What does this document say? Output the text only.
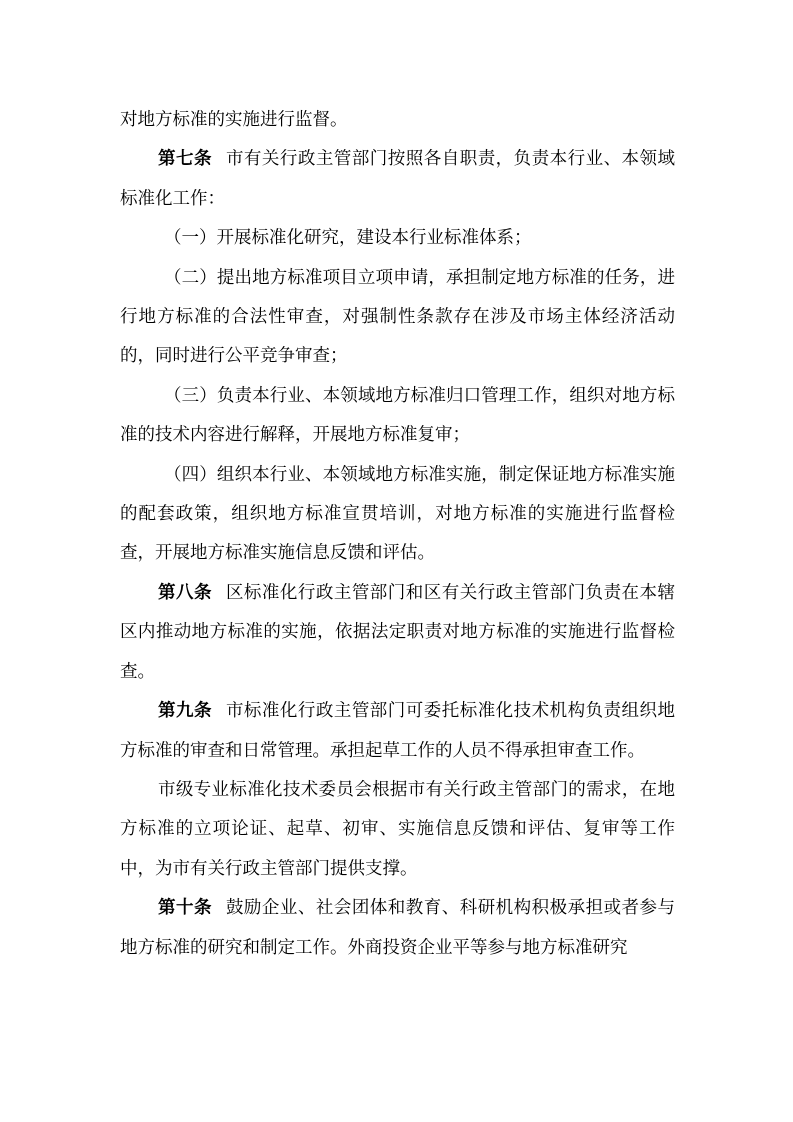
对地方标准的实施进行监督。

第七条 市有关行政主管部门按照各自职责，负责本行业、本领域标准化工作：

（一）开展标准化研究，建设本行业标准体系；

（二）提出地方标准项目立项申请，承担制定地方标准的任务，进行地方标准的合法性审查，对强制性条款存在涉及市场主体经济活动的，同时进行公平竞争审查；

（三）负责本行业、本领域地方标准归口管理工作，组织对地方标准的技术内容进行解释，开展地方标准复审；

（四）组织本行业、本领域地方标准实施，制定保证地方标准实施的配套政策，组织地方标准宣贯培训，对地方标准的实施进行监督检查，开展地方标准实施信息反馈和评估。

第八条 区标准化行政主管部门和区有关行政主管部门负责在本辖区内推动地方标准的实施，依据法定职责对地方标准的实施进行监督检查。

第九条 市标准化行政主管部门可委托标准化技术机构负责组织地方标准的审查和日常管理。承担起草工作的人员不得承担审查工作。

市级专业标准化技术委员会根据市有关行政主管部门的需求，在地方标准的立项论证、起草、初审、实施信息反馈和评估、复审等工作中，为市有关行政主管部门提供支撑。

第十条 鼓励企业、社会团体和教育、科研机构积极承担或者参与地方标准的研究和制定工作。外商投资企业平等参与地方标准研究
